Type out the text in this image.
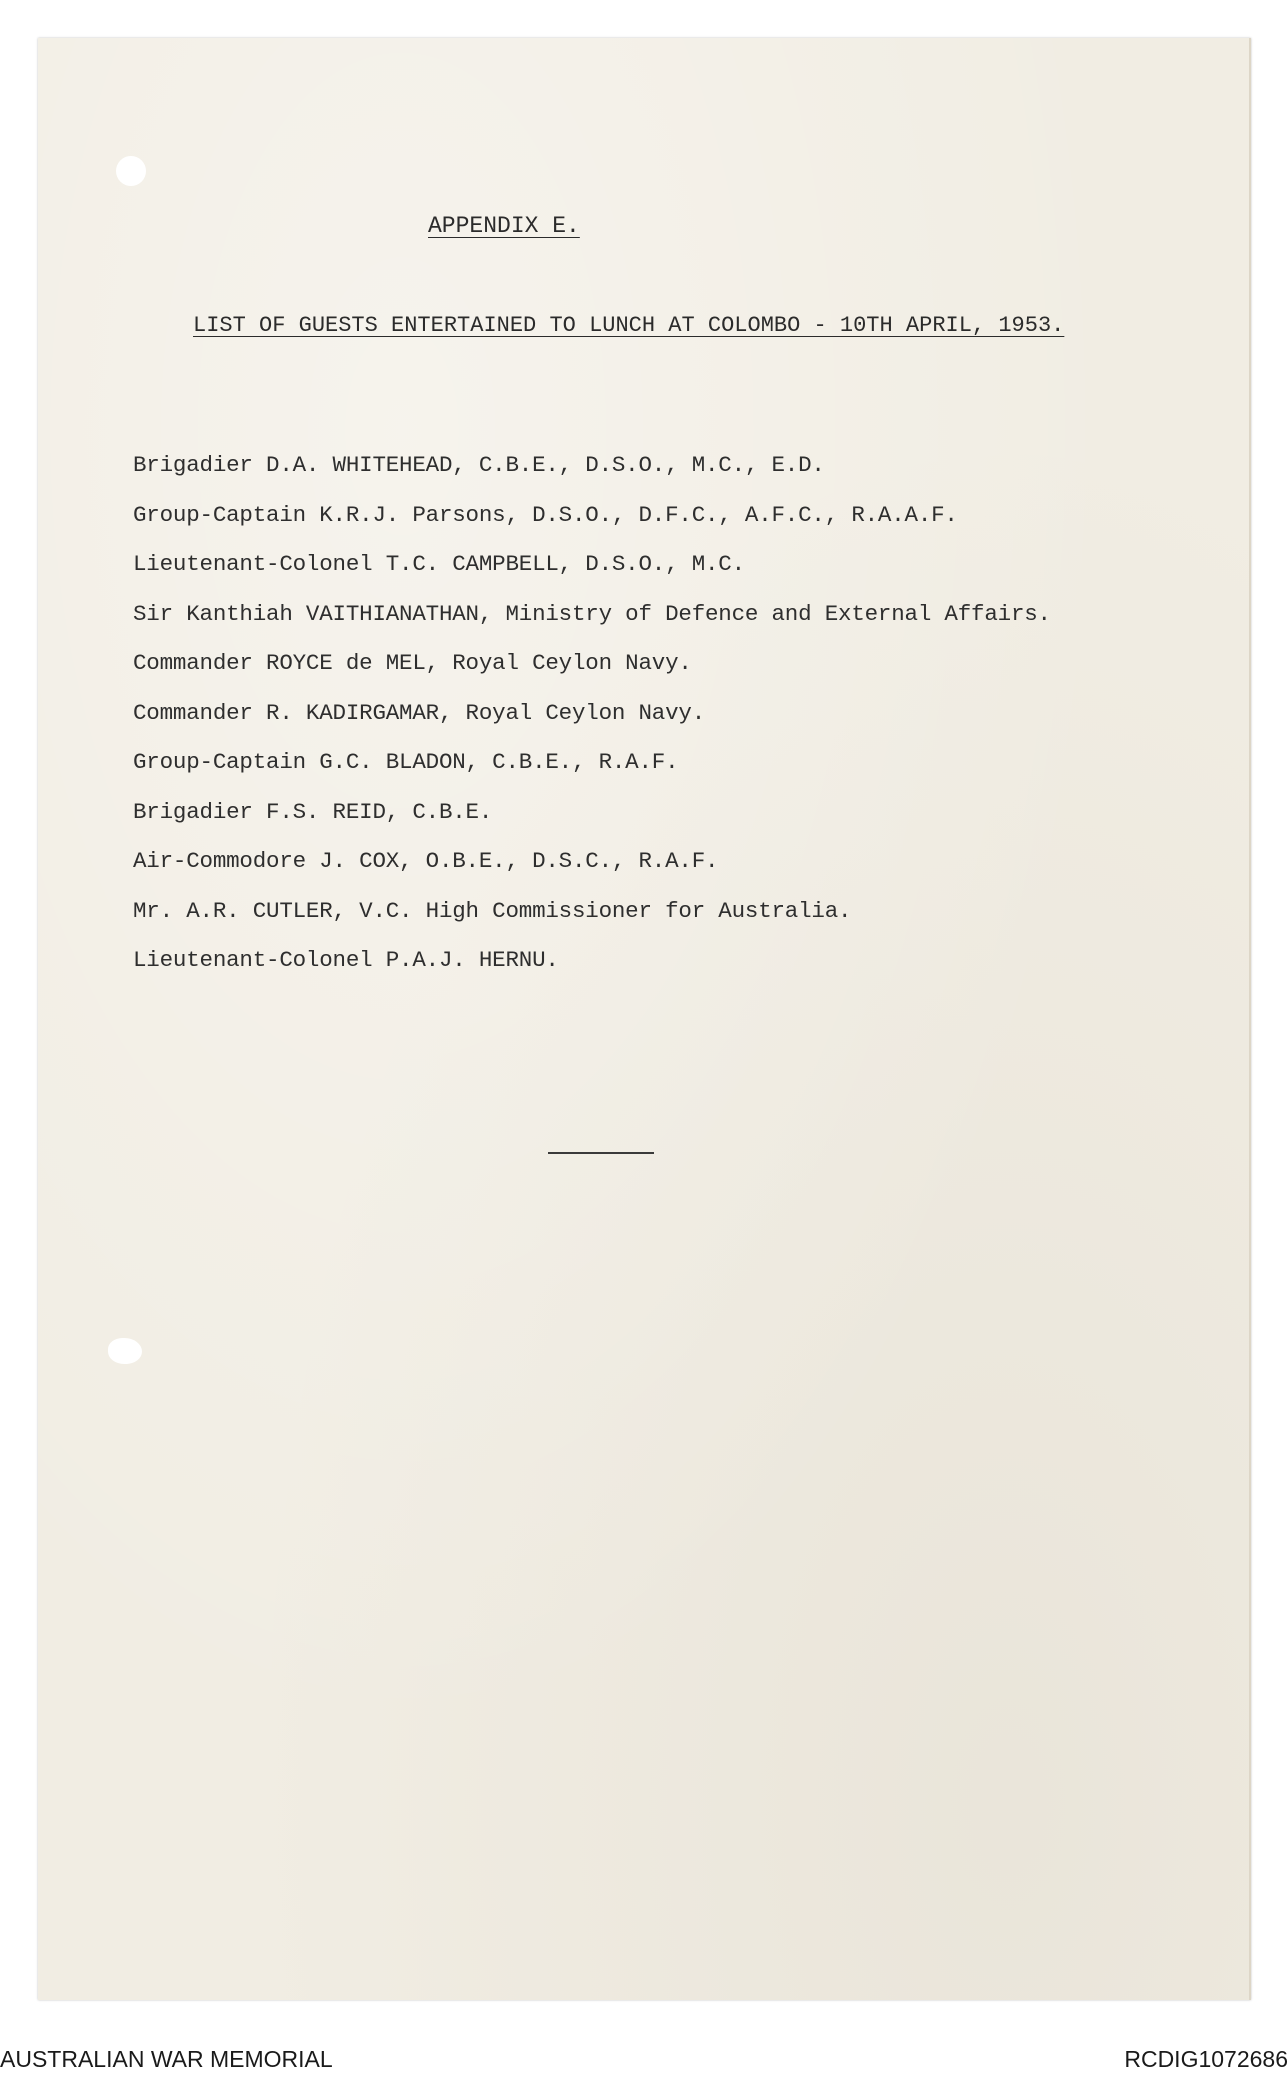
APPENDIX E.
LIST OF GUESTS ENTERTAINED TO LUNCH AT COLOMBO - 10TH APRIL, 1953.
Brigadier D.A. WHITEHEAD, C.B.E., D.S.O., M.C., E.D.
Group-Captain K.R.J. Parsons, D.S.O., D.F.C., A.F.C., R.A.A.F.
Lieutenant-Colonel T.C. CAMPBELL, D.S.O., M.C.
Sir Kanthiah VAITHIANATHAN, Ministry of Defence and External Affairs.
Commander ROYCE de MEL, Royal Ceylon Navy.
Commander R. KADIRGAMAR, Royal Ceylon Navy.
Group-Captain G.C. BLADON, C.B.E., R.A.F.
Brigadier F.S. REID, C.B.E.
Air-Commodore J. COX, O.B.E., D.S.C., R.A.F.
Mr. A.R. CUTLER, V.C. High Commissioner for Australia.
Lieutenant-Colonel P.A.J. HERNU.
AUSTRALIAN WAR MEMORIAL	RCDIG1072686
